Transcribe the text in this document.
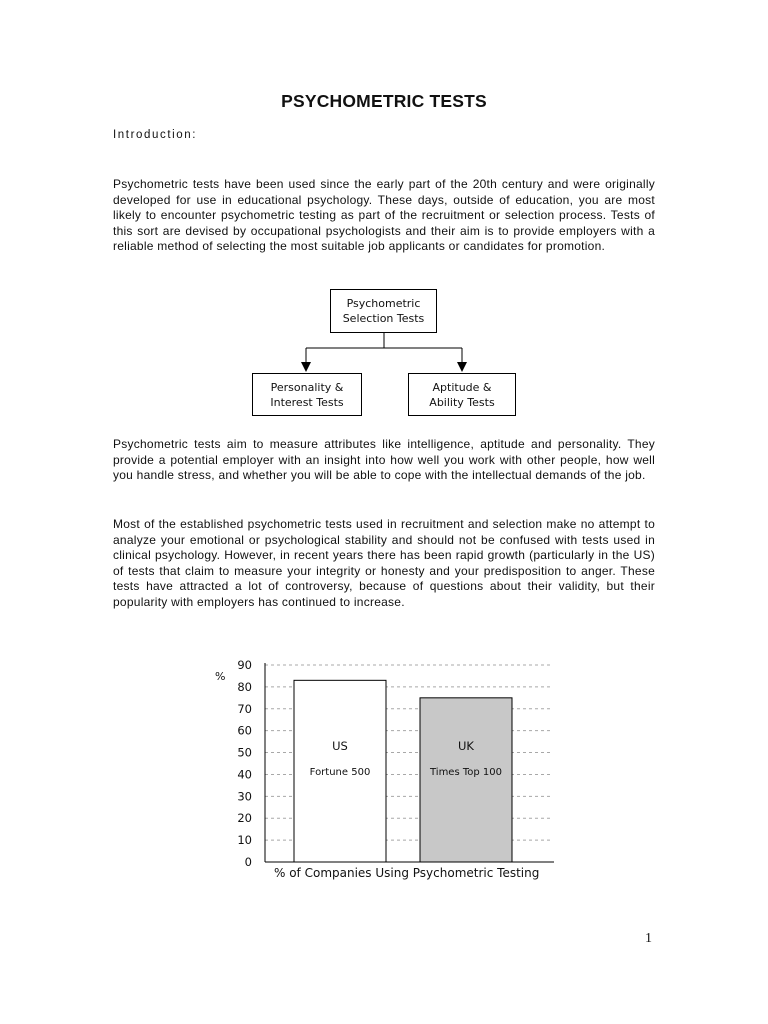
PSYCHOMETRIC TESTS
Introduction:

Psychometric tests have been used since the early part of the 20th century and were originally developed for use in educational psychology. These days, outside of education, you are most likely to encounter psychometric testing as part of the recruitment or selection process. Tests of this sort are devised by occupational psychologists and their aim is to provide employers with a reliable method of selecting the most suitable job applicants or candidates for promotion.

Psychometric
Selection Tests
Personality &
Interest Tests
Aptitude &
Ability Tests

Psychometric tests aim to measure attributes like intelligence, aptitude and personality. They provide a potential employer with an insight into how well you work with other people, how well you handle stress, and whether you will be able to cope with the intellectual demands of the job.

Most of the established psychometric tests used in recruitment and selection make no attempt to analyze your emotional or psychological stability and should not be confused with tests used in clinical psychology. However, in recent years there has been rapid growth (particularly in the US) of tests that claim to measure your integrity or honesty and your predisposition to anger. These tests have attracted a lot of controversy, because of questions about their validity, but their popularity with employers has continued to increase.

US
Fortune 500
UK
Times Top 100
0
10
20
30
40
50
60
70
80
90
%
% of Companies Using Psychometric Testing
1
